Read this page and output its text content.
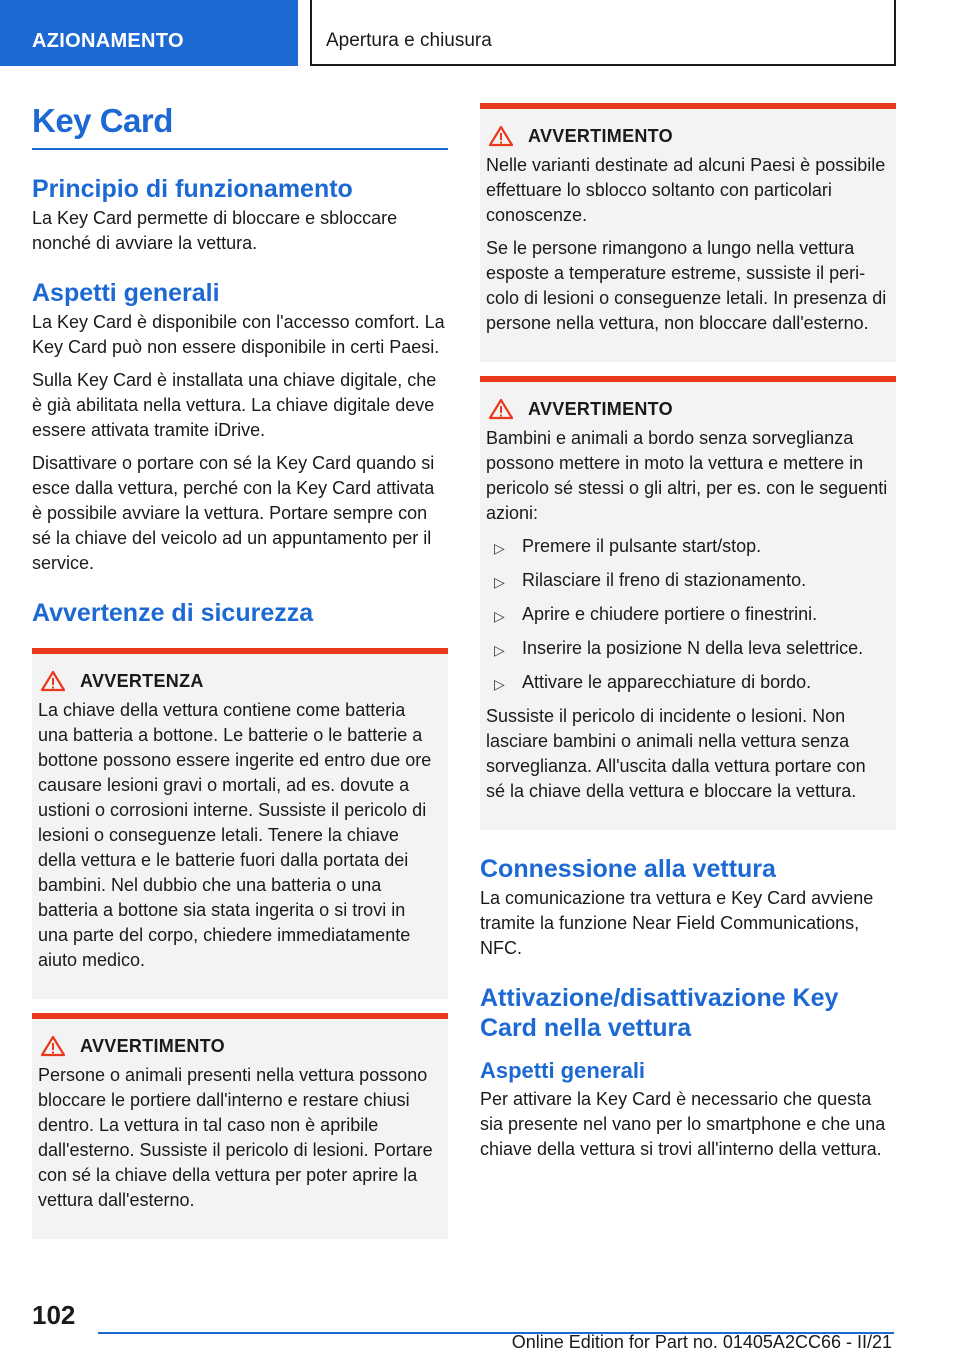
AZIONAMENTO	Apertura e chiusura
Key Card
Principio di funzionamento

La Key Card permette di bloccare e sbloccare nonché di avviare la vettura.

Aspetti generali

La Key Card è disponibile con l'accesso comfort. La Key Card può non essere disponibile in certi Paesi.

Sulla Key Card è installata una chiave digitale, che è già abilitata nella vettura. La chiave digitale deve essere attivata tramite iDrive.

Disattivare o portare con sé la Key Card quando si esce dalla vettura, perché con la Key Card attivata è possibile avviare la vettura. Portare sempre con sé la chiave del veicolo ad un appuntamento per il service.

Avvertenze di sicurezza
AVVERTENZA

La chiave della vettura contiene come batteria una batteria a bottone. Le batterie o le batterie a bottone possono essere ingerite ed entro due ore causare lesioni gravi o mortali, ad es. dovute a ustioni o corrosioni interne. Sussiste il pericolo di lesioni o conseguenze letali. Tenere la chiave della vettura e le batterie fuori dalla portata dei bambini. Nel dubbio che una batteria o una batteria a bottone sia stata ingerita o si trovi in una parte del corpo, chiedere immediatamente aiuto medico.

AVVERTIMENTO

Persone o animali presenti nella vettura possono bloccare le portiere dall'interno e restare chiusi dentro. La vettura in tal caso non è apribile dall'esterno. Sussiste il pericolo di lesioni. Portare con sé la chiave della vettura per poter aprire la vettura dall'esterno.

AVVERTIMENTO

Nelle varianti destinate ad alcuni Paesi è possibile effettuare lo sblocco soltanto con particolari conoscenze.

Se le persone rimangono a lungo nella vettura esposte a temperature estreme, sussiste il pericolo di lesioni o conseguenze letali. In presenza di persone nella vettura, non bloccare dall'esterno.

AVVERTIMENTO

Bambini e animali a bordo senza sorveglianza possono mettere in moto la vettura e mettere in pericolo sé stessi o gli altri, per es. con le seguenti azioni:

▷ Premere il pulsante start/stop.
▷ Rilasciare il freno di stazionamento.
▷ Aprire e chiudere portiere o finestrini.
▷ Inserire la posizione N della leva selettrice.
▷ Attivare le apparecchiature di bordo.

Sussiste il pericolo di incidente o lesioni. Non lasciare bambini o animali nella vettura senza sorveglianza. All'uscita dalla vettura portare con sé la chiave della vettura e bloccare la vettura.

Connessione alla vettura

La comunicazione tra vettura e Key Card avviene tramite la funzione Near Field Communications, NFC.

Attivazione/disattivazione Key Card nella vettura
Aspetti generali

Per attivare la Key Card è necessario che questa sia presente nel vano per lo smartphone e che una chiave della vettura si trovi all'interno della vettura.

102
Online Edition for Part no. 01405A2CC66 - II/21
